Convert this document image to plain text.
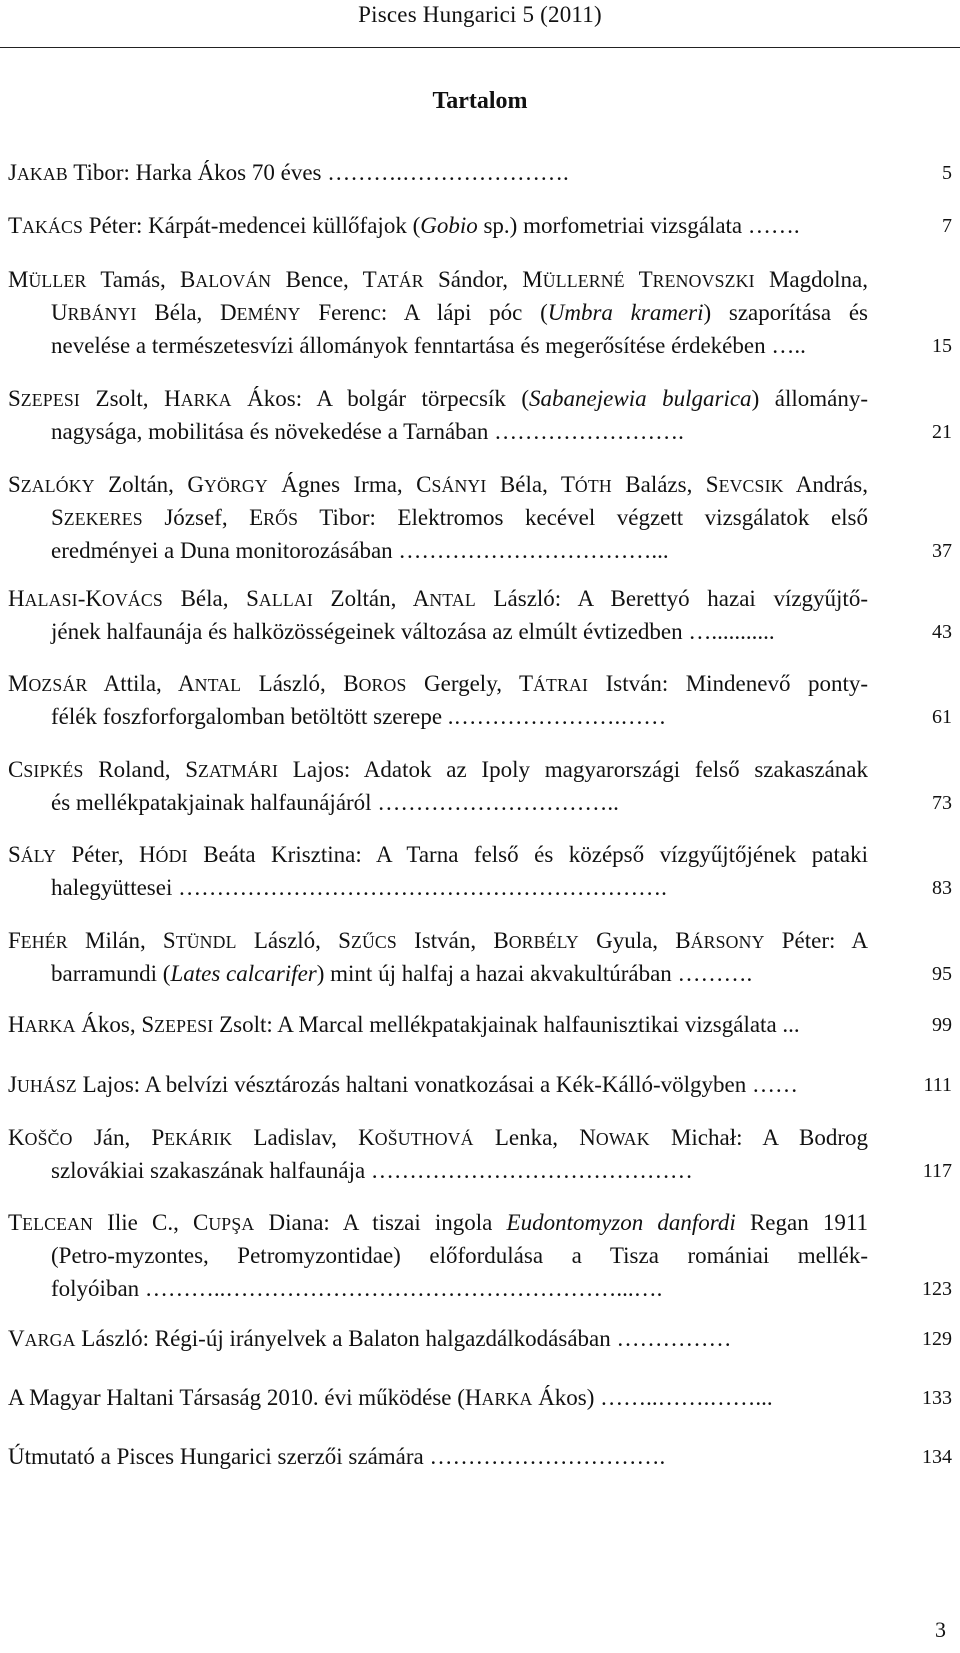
Pisces Hungarici 5 (2011)
Tartalom
JAKAB Tibor: Harka Ákos 70 éves ……….………………….	5
TAKÁCS Péter: Kárpát-medencei küllőfajok (Gobio sp.) morfometriai vizsgálata …….	7
MÜLLER Tamás, BALOVÁN Bence, TATÁR Sándor, MÜLLERNÉ TRENOVSZKI Magdolna,
URBÁNYI Béla, DEMÉNY Ferenc: A lápi póc (Umbra krameri) szaporítása és
nevelése a természetesvízi állományok fenntartása és megerősítése érdekében …..	15
SZEPESI Zsolt, HARKA Ákos: A bolgár törpecsík (Sabanejewia bulgarica) állomány-
nagysága, mobilitása és növekedése a Tarnában …………………….	21
SZALÓKY Zoltán, GYÖRGY Ágnes Irma, CSÁNYI Béla, TÓTH Balázs, SEVCSIK András,
SZEKERES József, ERŐS Tibor: Elektromos kecével végzett vizsgálatok első
eredményei a Duna monitorozásában ……………………………...	37
HALASI-KOVÁCS Béla, SALLAI Zoltán, ANTAL László: A Berettyó hazai vízgyűjtő-
jének halfaunája és halközösségeinek változása az elmúlt évtizedben …...........	43
MOZSÁR Attila, ANTAL László, BOROS Gergely, TÁTRAI István: Mindenevő ponty-
félék foszforforgalomban betöltött szerepe .………………….……	61
CSIPKÉS Roland, SZATMÁRI Lajos: Adatok az Ipoly magyarországi felső szakaszának
és mellékpatakjainak halfaunájáról …………………………..	73
SÁLY Péter, HÓDI Beáta Krisztina: A Tarna felső és középső vízgyűjtőjének pataki
halegyüttesei ……………………………………………………….	83
FEHÉR Milán, STÜNDL László, SZŰCS István, BORBÉLY Gyula, BÁRSONY Péter: A
barramundi (Lates calcarifer) mint új halfaj a hazai akvakultúrában ……….	95
HARKA Ákos, SZEPESI Zsolt: A Marcal mellékpatakjainak halfaunisztikai vizsgálata ...	99
JUHÁSZ Lajos: A belvízi vésztározás haltani vonatkozásai a Kék-Kálló-völgyben ……	111
KOŠČO Ján, PEKÁRIK Ladislav, KOŠUTHOVÁ Lenka, NOWAK Michał: A Bodrog
szlovákiai szakaszának halfaunája ……………………………………	117
TELCEAN Ilie C., CUPŞA Diana: A tiszai ingola Eudontomyzon danfordi Regan 1911
(Petro-myzontes, Petromyzontidae) előfordulása a Tisza romániai mellék-
folyóiban ………..……………………………………………...….	123
VARGA László: Régi-új irányelvek a Balaton halgazdálkodásában ……………	129
A Magyar Haltani Társaság 2010. évi működése (HARKA Ákos) ……..…….……...	133
Útmutató a Pisces Hungarici szerzői számára ………………………….	134
3
